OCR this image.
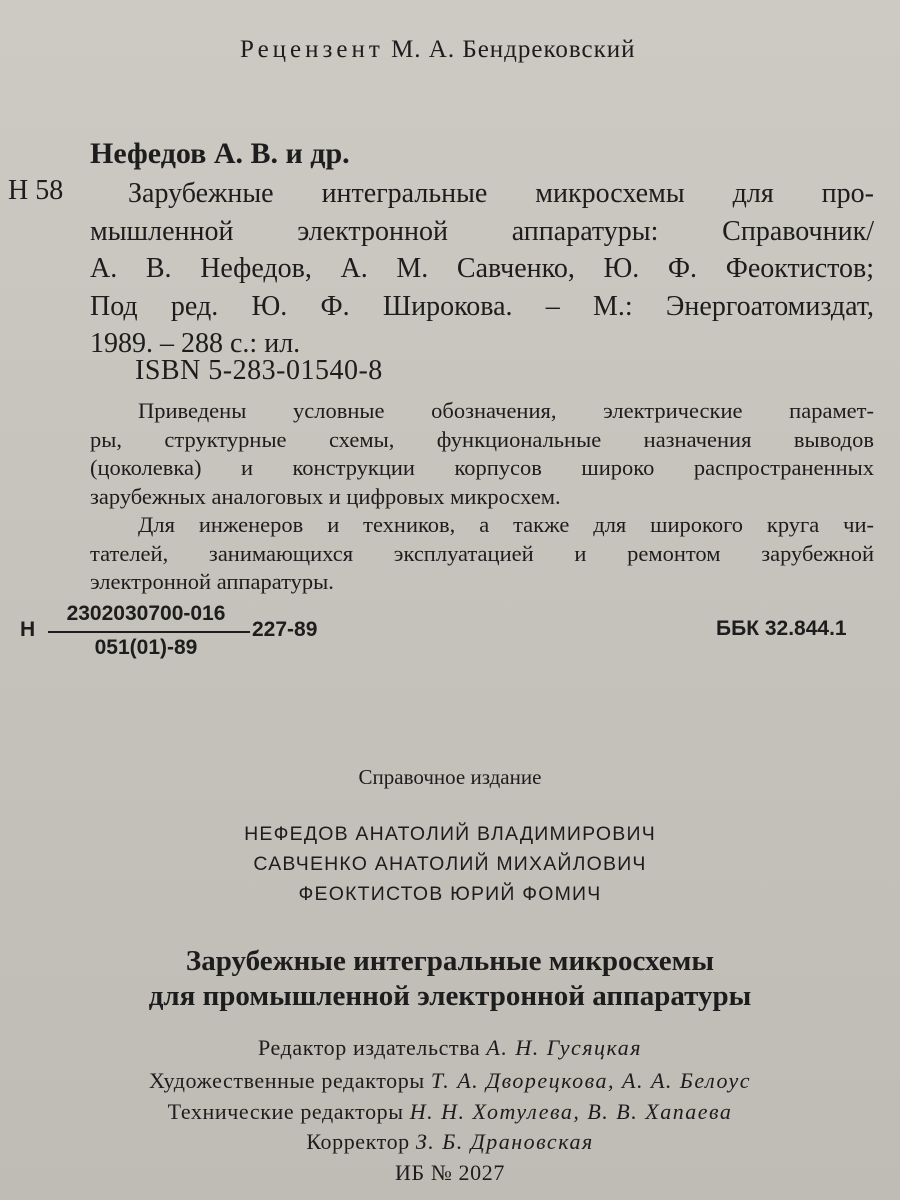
Рецензент М. А. Бендрековский
Нефедов А. В. и др.
Н 58	Зарубежные интегральные микросхемы для про-
мышленной электронной аппаратуры: Справочник/
А. В. Нефедов, А. М. Савченко, Ю. Ф. Феоктистов;
Под ред. Ю. Ф. Широкова. – М.: Энергоатомиздат,
1989. – 288 с.: ил.
ISBN 5-283-01540-8
Приведены условные обозначения, электрические парамет-
ры, структурные схемы, функциональные назначения выводов
(цоколевка) и конструкции корпусов широко распространенных
зарубежных аналоговых и цифровых микросхем.
Для инженеров и техников, а также для широкого круга чи-
тателей, занимающихся эксплуатацией и ремонтом зарубежной
электронной аппаратуры.
Н
2302030700-016
051(01)-89
227-89	ББК 32.844.1
Справочное издание
НЕФЕДОВ АНАТОЛИЙ ВЛАДИМИРОВИЧ
САВЧЕНКО АНАТОЛИЙ МИХАЙЛОВИЧ
ФЕОКТИСТОВ ЮРИЙ ФОМИЧ
Зарубежные интегральные микросхемы
для промышленной электронной аппаратуры
Редактор издательства А. Н. Гусяцкая
Художественные редакторы Т. А. Дворецкова, А. А. Белоус
Технические редакторы Н. Н. Хотулева, В. В. Хапаева
Корректор З. Б. Драновская
ИБ № 2027
